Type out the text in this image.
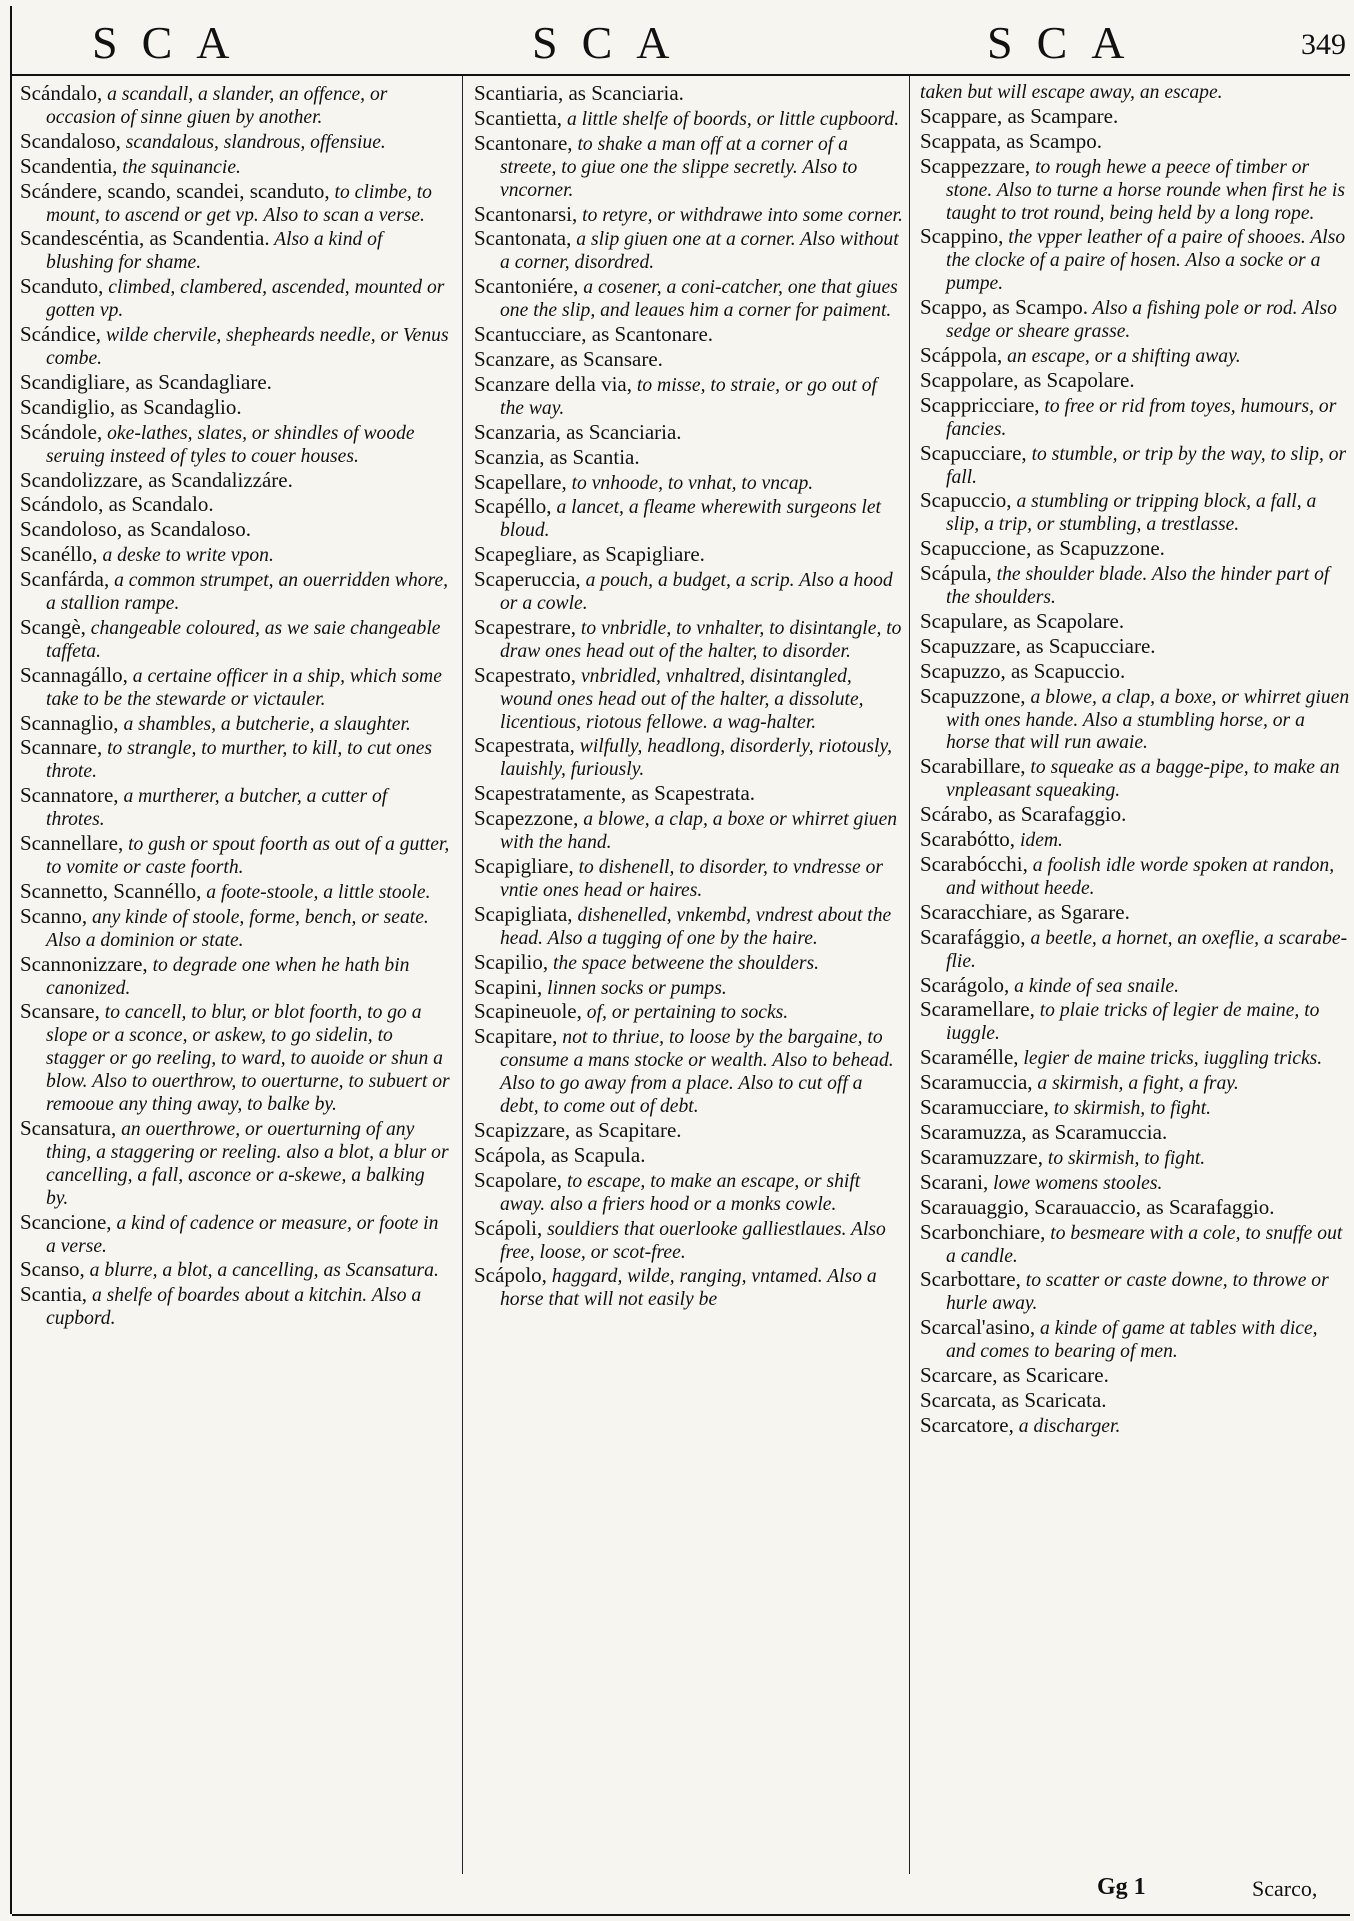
SCA	SCA	SCA	349

Scándalo, a scandall, a slander, an offence, or occasion of sinne giuen by another.

Scandaloso, scandalous, slandrous, offensiue.

Scandentia, the squinancie.

Scándere, scando, scandei, scanduto, to climbe, to mount, to ascend or get vp. Also to scan a verse.

Scandescéntia, as Scandentia. Also a kind of blushing for shame.

Scanduto, climbed, clambered, ascended, mounted or gotten vp.

Scándice, wilde chervile, shepheards needle, or Venus combe.

Scandigliare, as Scandagliare.

Scandiglio, as Scandaglio.

Scándole, oke-lathes, slates, or shindles of woode seruing insteed of tyles to couer houses.

Scandolizzare, as Scandalizzáre.

Scándolo, as Scandalo.

Scandoloso, as Scandaloso.

Scanéllo, a deske to write vpon.

Scanfárda, a common strumpet, an ouerridden whore, a stallion rampe.

Scangè, changeable coloured, as we saie changeable taffeta.

Scannagállo, a certaine officer in a ship, which some take to be the stewarde or victauler.

Scannaglio, a shambles, a butcherie, a slaughter.

Scannare, to strangle, to murther, to kill, to cut ones throte.

Scannatore, a murtherer, a butcher, a cutter of throtes.

Scannellare, to gush or spout foorth as out of a gutter, to vomite or caste foorth.

Scannetto, Scannéllo, a foote-stoole, a little stoole.

Scanno, any kinde of stoole, forme, bench, or seate. Also a dominion or state.

Scannonizzare, to degrade one when he hath bin canonized.

Scansare, to cancell, to blur, or blot foorth, to go a slope or a sconce, or askew, to go sidelin, to stagger or go reeling, to ward, to auoide or shun a blow. Also to ouerthrow, to ouerturne, to subuert or remooue any thing away, to balke by.

Scansatura, an ouerthrowe, or ouerturning of any thing, a staggering or reeling. also a blot, a blur or cancelling, a fall, asconce or a-skewe, a balking by.

Scancione, a kind of cadence or measure, or foote in a verse.

Scanso, a blurre, a blot, a cancelling, as Scansatura.

Scantia, a shelfe of boardes about a kitchin. Also a cupbord.

Scantiaria, as Scanciaria.

Scantietta, a little shelfe of boords, or little cupboord.

Scantonare, to shake a man off at a corner of a streete, to giue one the slippe secretly. Also to vncorner.

Scantonarsi, to retyre, or withdrawe into some corner.

Scantonata, a slip giuen one at a corner. Also without a corner, disordred.

Scantoniére, a cosener, a coni-catcher, one that giues one the slip, and leaues him a corner for paiment.

Scantucciare, as Scantonare.

Scanzare, as Scansare.

Scanzare della via, to misse, to straie, or go out of the way.

Scanzaria, as Scanciaria.

Scanzia, as Scantia.

Scapellare, to vnhoode, to vnhat, to vncap.

Scapéllo, a lancet, a fleame wherewith surgeons let bloud.

Scapegliare, as Scapigliare.

Scaperuccia, a pouch, a budget, a scrip. Also a hood or a cowle.

Scapestrare, to vnbridle, to vnhalter, to disintangle, to draw ones head out of the halter, to disorder.

Scapestrato, vnbridled, vnhaltred, disintangled, wound ones head out of the halter, a dissolute, licentious, riotous fellowe. a wag-halter.

Scapestrata, wilfully, headlong, disorderly, riotously, lauishly, furiously.

Scapestratamente, as Scapestrata.

Scapezzone, a blowe, a clap, a boxe or whirret giuen with the hand.

Scapigliare, to dishenell, to disorder, to vndresse or vntie ones head or haires.

Scapigliata, dishenelled, vnkembd, vndrest about the head. Also a tugging of one by the haire.

Scapilio, the space betweene the shoulders.

Scapini, linnen socks or pumps.

Scapineuole, of, or pertaining to socks.

Scapitare, not to thriue, to loose by the bargaine, to consume a mans stocke or wealth. Also to behead. Also to go away from a place. Also to cut off a debt, to come out of debt.

Scapizzare, as Scapitare.

Scápola, as Scapula.

Scapolare, to escape, to make an escape, or shift away. also a friers hood or a monks cowle.

Scápoli, souldiers that ouerlooke galliestlaues. Also free, loose, or scot-free.

Scápolo, haggard, wilde, ranging, vntamed. Also a horse that will not easily be

taken but will escape away, an escape.

Scappare, as Scampare.

Scappata, as Scampo.

Scappezzare, to rough hewe a peece of timber or stone. Also to turne a horse rounde when first he is taught to trot round, being held by a long rope.

Scappino, the vpper leather of a paire of shooes. Also the clocke of a paire of hosen. Also a socke or a pumpe.

Scappo, as Scampo. Also a fishing pole or rod. Also sedge or sheare grasse.

Scáppola, an escape, or a shifting away.

Scappolare, as Scapolare.

Scappricciare, to free or rid from toyes, humours, or fancies.

Scapucciare, to stumble, or trip by the way, to slip, or fall.

Scapuccio, a stumbling or tripping block, a fall, a slip, a trip, or stumbling, a trestlasse.

Scapuccione, as Scapuzzone.

Scápula, the shoulder blade. Also the hinder part of the shoulders.

Scapulare, as Scapolare.

Scapuzzare, as Scapucciare.

Scapuzzo, as Scapuccio.

Scapuzzone, a blowe, a clap, a boxe, or whirret giuen with ones hande. Also a stumbling horse, or a horse that will run awaie.

Scarabillare, to squeake as a bagge-pipe, to make an vnpleasant squeaking.

Scárabo, as Scarafaggio.

Scarabótto, idem.

Scarabócchi, a foolish idle worde spoken at randon, and without heede.

Scaracchiare, as Sgarare.

Scarafággio, a beetle, a hornet, an oxeflie, a scarabe-flie.

Scarágolo, a kinde of sea snaile.

Scaramellare, to plaie tricks of legier de maine, to iuggle.

Scaramélle, legier de maine tricks, iuggling tricks.

Scaramuccia, a skirmish, a fight, a fray.

Scaramucciare, to skirmish, to fight.

Scaramuzza, as Scaramuccia.

Scaramuzzare, to skirmish, to fight.

Scarani, lowe womens stooles.

Scarauaggio, Scarauaccio, as Scarafaggio.

Scarbonchiare, to besmeare with a cole, to snuffe out a candle.

Scarbottare, to scatter or caste downe, to throwe or hurle away.

Scarcal'asino, a kinde of game at tables with dice, and comes to bearing of men.

Scarcare, as Scaricare.

Scarcata, as Scaricata.

Scarcatore, a discharger.

Gg 1	Scarco,
